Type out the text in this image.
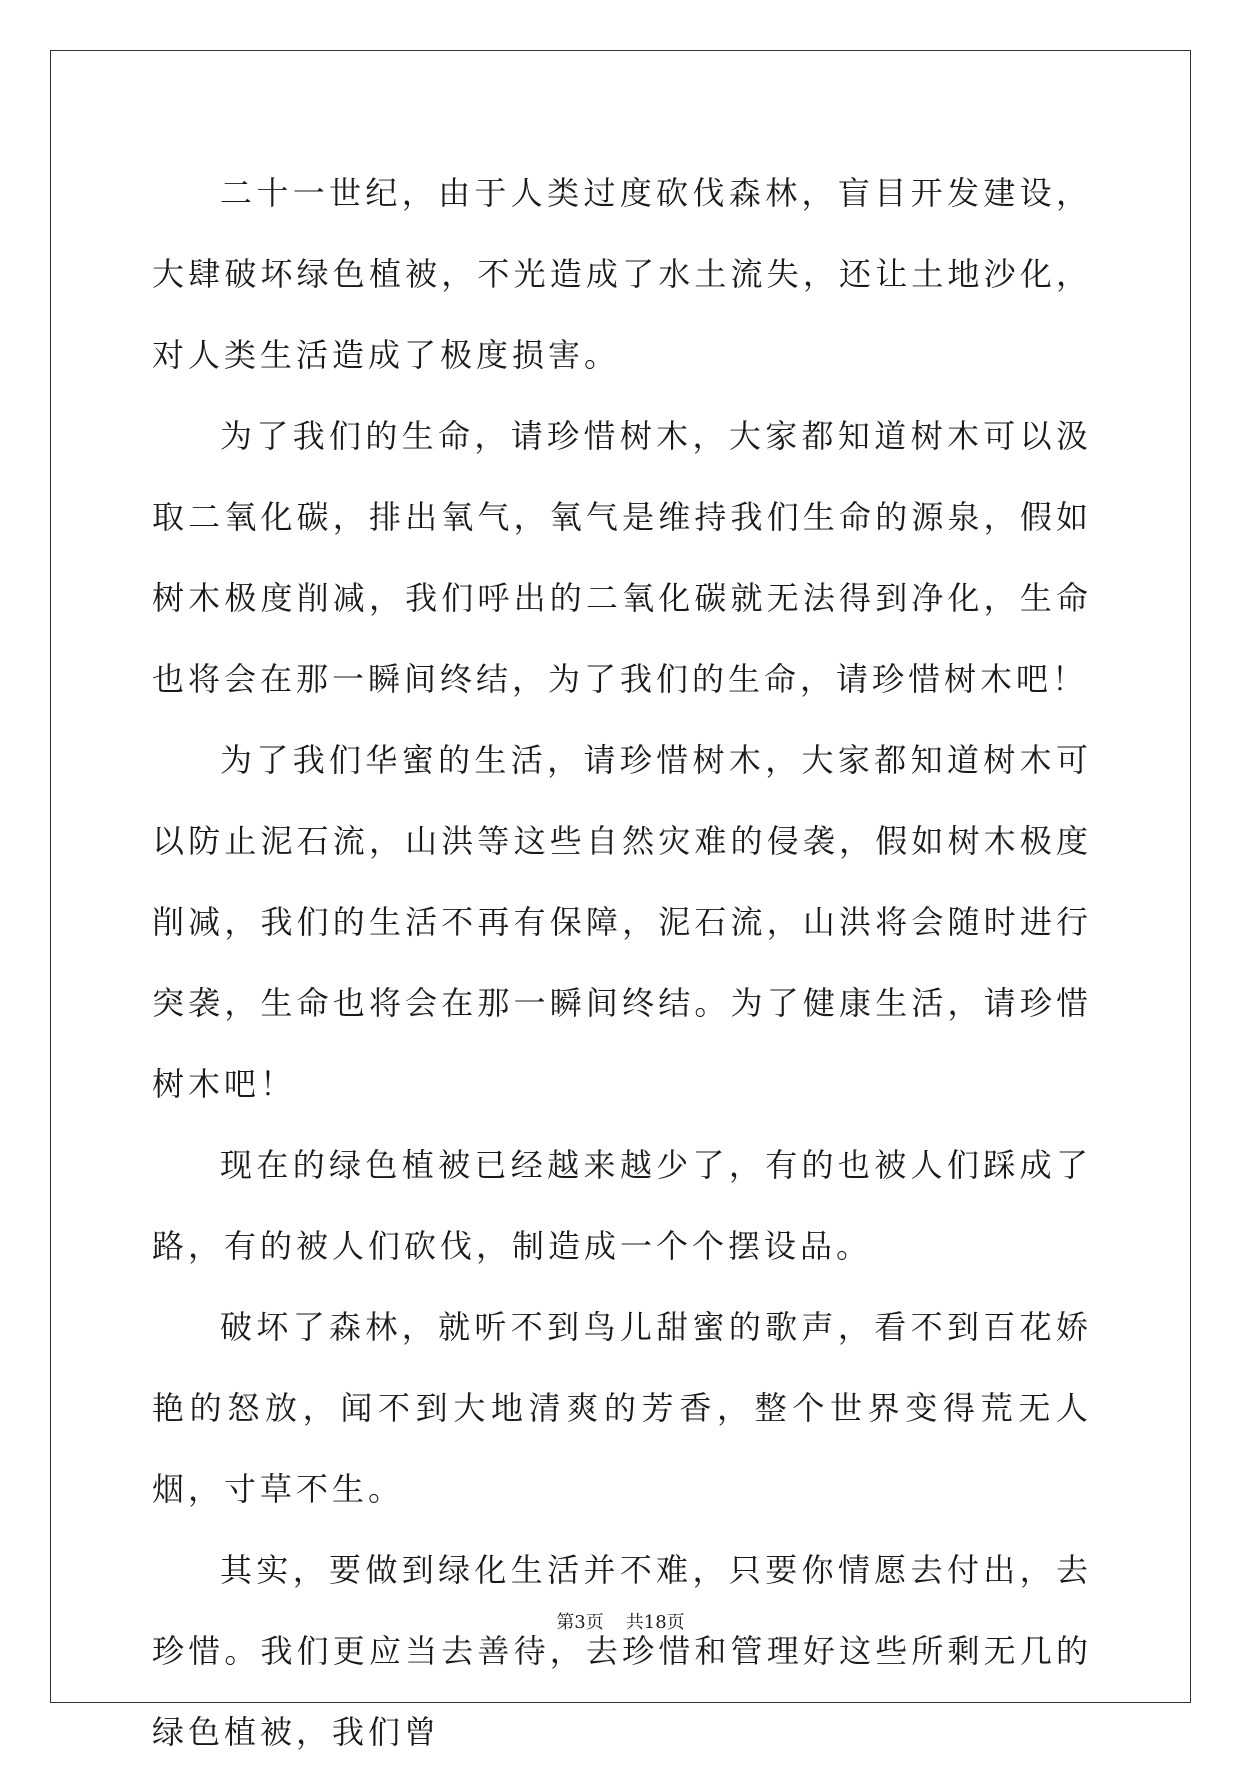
二十一世纪，由于人类过度砍伐森林，盲目开发建设，大肆破坏绿色植被，不光造成了水土流失，还让土地沙化，对人类生活造成了极度损害。

为了我们的生命，请珍惜树木，大家都知道树木可以汲取二氧化碳，排出氧气，氧气是维持我们生命的源泉，假如树木极度削减，我们呼出的二氧化碳就无法得到净化，生命也将会在那一瞬间终结，为了我们的生命，请珍惜树木吧！

为了我们华蜜的生活，请珍惜树木，大家都知道树木可以防止泥石流，山洪等这些自然灾难的侵袭，假如树木极度削减，我们的生活不再有保障，泥石流，山洪将会随时进行突袭，生命也将会在那一瞬间终结。为了健康生活，请珍惜树木吧！

现在的绿色植被已经越来越少了，有的也被人们踩成了路，有的被人们砍伐，制造成一个个摆设品。

破坏了森林，就听不到鸟儿甜蜜的歌声，看不到百花娇艳的怒放，闻不到大地清爽的芳香，整个世界变得荒无人烟，寸草不生。

其实，要做到绿化生活并不难，只要你情愿去付出，去珍惜。我们更应当去善待，去珍惜和管理好这些所剩无几的绿色植被，我们曾

第3页 共18页
